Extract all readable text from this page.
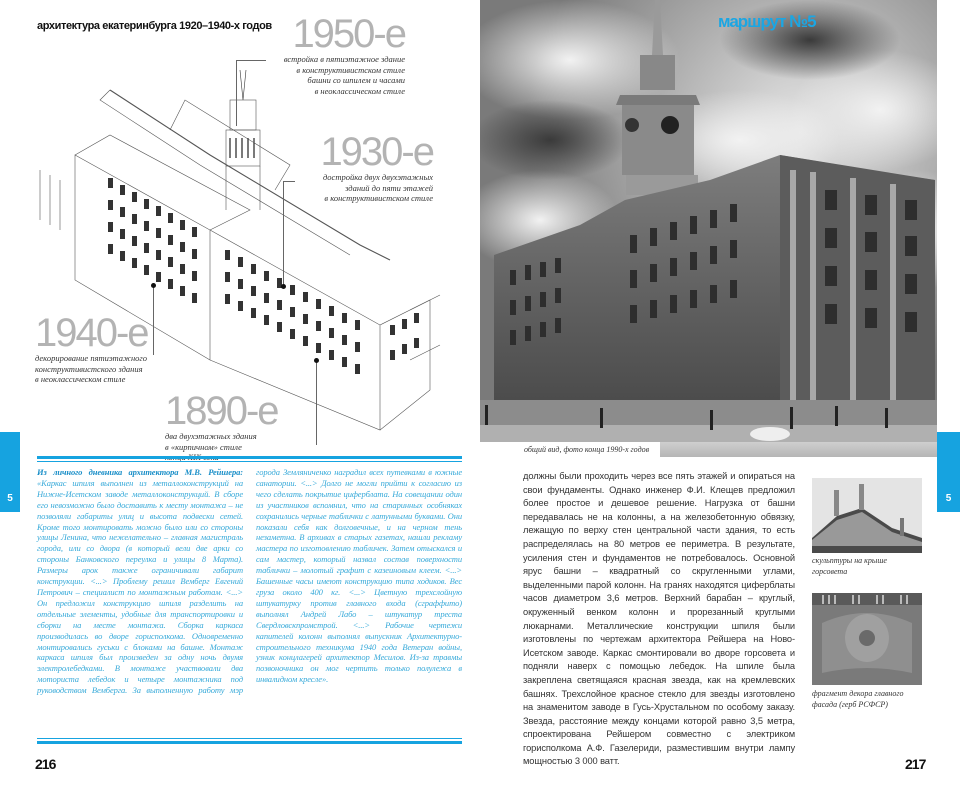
архитектура екатеринбурга 1920–1940-х годов 1950-е
встройка в пятиэтажное здание
в конструктивистском стиле
башни со шпилем и часами
в неоклассическом стиле
1930-е
достройка двух двухэтажных
зданий до пяти этажей
в конструктивистском стиле
1940-е
декорирование пятиэтажного
конструктивистского здания
в неоклассическом стиле
1890-е
два двухэтажных здания
в «кирпичном» стиле
конца XIX века
5
Из личного дневника архитектора М.В. Рейшера: «Каркас шпиля выполнен из металлоконструкций на Нижне-Исетском заводе металлоконструкций. В сборе его невозможно было доставить к месту монтажа – не позволяли габариты улиц и высота подвески сетей. Кроме того монтировать можно было или со стороны улицы Ленина, что нежелательно – главная магистраль города, или со двора (в который вели две арки со стороны Банковского переулка и улицы 8 Марта). Размеры арок также ограничивали габарит конструкции. <...> Проблему решил Вемберг Евгений Петрович – специалист по монтажным работам. <...> Он предложил конструкцию шпиля разделить на отдельные элементы, удобные для транспортировки и сборки на месте монтажа. Сборка каркаса производилась во дворе горисполкома. Одновременно монтировались гуськи с блоками на башне. Монтаж каркаса шпиля был произведен за одну ночь двумя электролебедками. В монтаже участвовали два моториста лебедок и четыре монтажника под руководством Вемберга. За выполненную работу мэр города Земляниченко наградил всех путевками в южные санатории. <...> Долго не могли прийти к согласию из чего сделать покрытие циферблата. На совещании один из участников вспомнил, что на старинных особняках сохранились черные таблички с латунными буквами. Они показали себя как долговечные, и на черном тень незаметна. В архивах в старых газетах, нашли рекламу мастера по изготовлению табличек. Затем отыскался и сам мастер, который назвал состав поверхности таблички – молотый графит с казеиновым клеем. <...> Башенные часы имеют конструкцию типа ходиков. Вес груза около 400 кг. <...> Цветную трехслойную штукатурку против главного входа (сграффито) выполнял Андрей Лабо – штукатур треста Свердловскпромстрой. <...> Рабочие чертежи капителей колонн выполнял выпускник Архитектурно-строительного техникума 1940 года Ветеран войны, узник концлагерей архитектор Месилов. Из-за травмы позвоночника он мог чертить только полулежа в инвалидном кресле».
216
маршрут №5
общий вид, фото конца 1990-х годов
5
должны были проходить через все пять этажей и опираться на свои фундаменты. Однако инженер Ф.И. Клещев предложил более простое и дешевое решение. Нагрузка от башни передавалась не на колонны, а на железобетонную обвязку, лежащую по верху стен центральной части здания, то есть распределялась на 80 метров ее периметра. В результате, усиления стен и фундаментов не потребовалось. Основной ярус башни – квадратный со скругленными углами, выделенными парой колонн. На гранях находятся циферблаты часов диаметром 3,6 метров. Верхний барабан – круглый, окруженный венком колонн и прорезанный круглыми люкарнами. Металлические конструкции шпиля были изготовлены по чертежам архитектора Рейшера на Ново-Исетском заводе. Каркас смонтировали во дворе горсовета и подняли наверх с помощью лебедок. На шпиле была закреплена светящаяся красная звезда, как на кремлевских башнях. Трехслойное красное стекло для звезды изготовлено на знаменитом заводе в Гусь-Хрустальном по особому заказу. Звезда, расстояние между концами которой равно 3,5 метра, спроектирована Рейшером совместно с электриком горисполкома А.Ф. Газелериди, разместившим внутри лампу мощностью 3 000 ватт.
скульптуры на крыше
горсовета
фрагмент декора главного
фасада (герб РСФСР)
217
